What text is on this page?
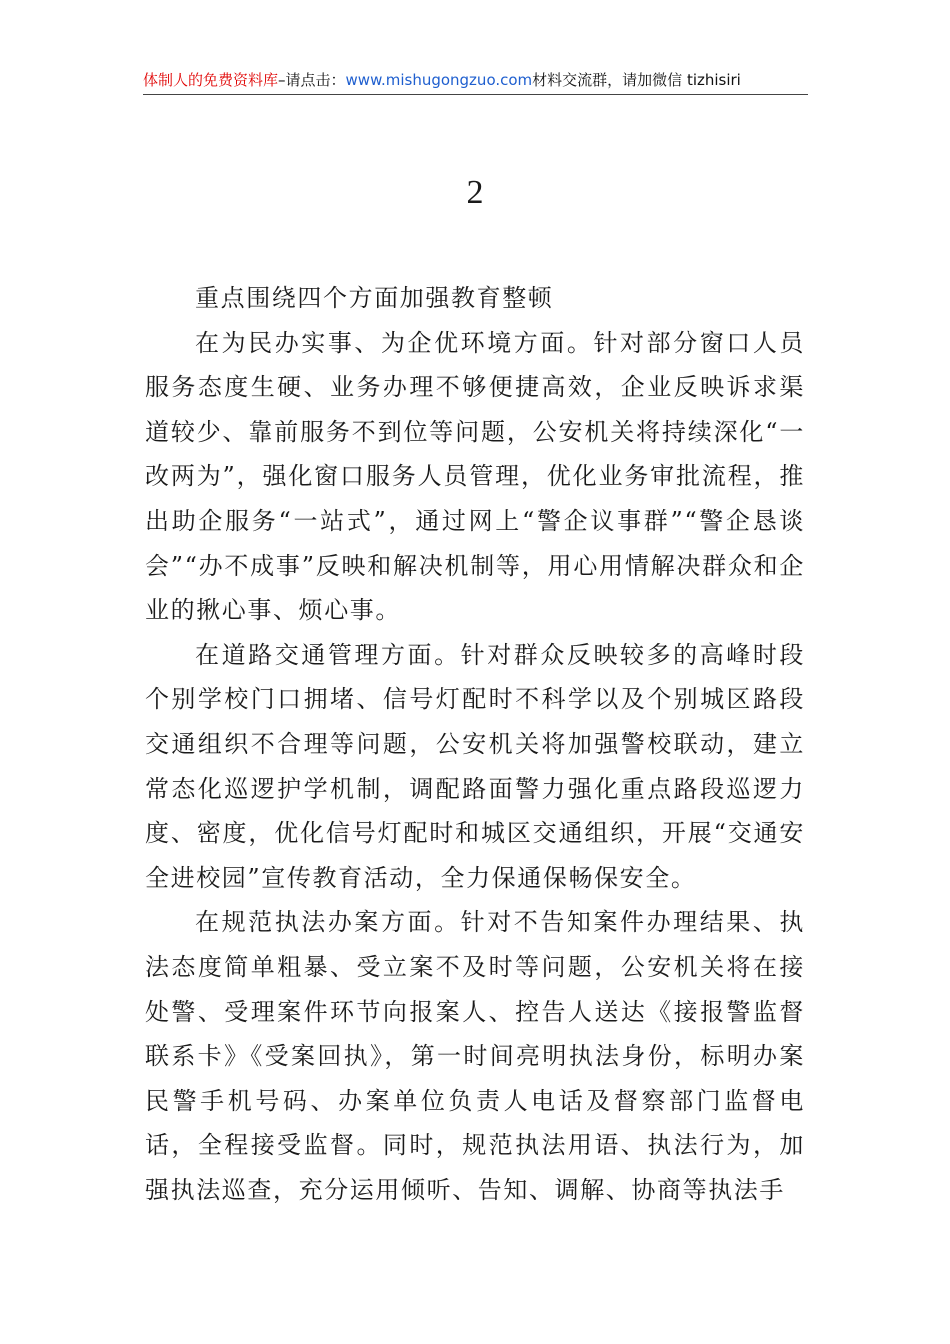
体制人的免费资料库–请点击：www.mishugongzuo.com材料交流群，请加微信 tizhisiri
2

重点围绕四个方面加强教育整顿

在为民办实事、为企优环境方面。针对部分窗口人员服务态度生硬、业务办理不够便捷高效，企业反映诉求渠道较少、靠前服务不到位等问题，公安机关将持续深化“一改两为”，强化窗口服务人员管理，优化业务审批流程，推出助企服务“一站式”，通过网上“警企议事群”“警企恳谈会”“办不成事”反映和解决机制等，用心用情解决群众和企业的揪心事、烦心事。

在道路交通管理方面。针对群众反映较多的高峰时段个别学校门口拥堵、信号灯配时不科学以及个别城区路段交通组织不合理等问题，公安机关将加强警校联动，建立常态化巡逻护学机制，调配路面警力强化重点路段巡逻力度、密度，优化信号灯配时和城区交通组织，开展“交通安全进校园”宣传教育活动，全力保通保畅保安全。

在规范执法办案方面。针对不告知案件办理结果、执法态度简单粗暴、受立案不及时等问题，公安机关将在接处警、受理案件环节向报案人、控告人送达《接报警监督联系卡》《受案回执》，第一时间亮明执法身份，标明办案民警手机号码、办案单位负责人电话及督察部门监督电话，全程接受监督。同时，规范执法用语、执法行为，加强执法巡查，充分运用倾听、告知、调解、协商等执法手
